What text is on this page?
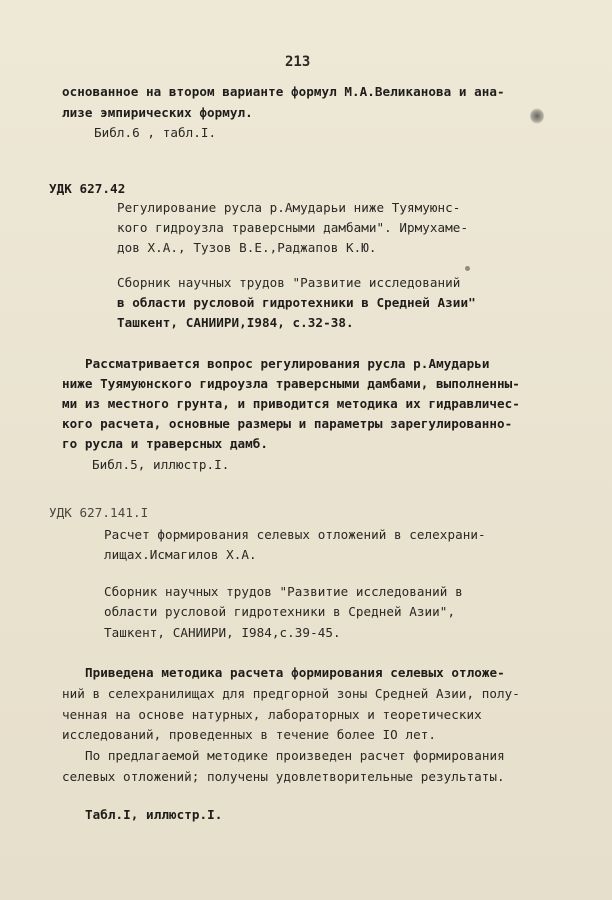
213
основанное на втором варианте формул М.А.Великанова и ана-
лизе эмпирических формул.
Библ.6 , табл.I.
УДК 627.42
Регулирование русла р.Амударьи ниже Туямуюнс-
кого гидроузла траверсными дамбами". Ирмухаме-
дов Х.А., Тузов В.Е.,Раджапов К.Ю.
Сборник научных трудов "Развитие исследований
в области русловой гидротехники в Средней Азии"
Ташкент, САНИИРИ,I984, с.32-38.
Рассматривается вопрос регулирования русла р.Амударьи
ниже Туямуюнского гидроузла траверсными дамбами, выполненны-
ми из местного грунта, и приводится методика их гидравличес-
кого расчета, основные размеры и параметры зарегулированно-
го русла и траверсных дамб.
Библ.5, иллюстр.I.
УДК 627.141.I
Расчет формирования селевых отложений в селехрани-
лищах.Исмагилов Х.А.
Сборник научных трудов "Развитие исследований в
области русловой гидротехники в Средней Азии",
Ташкент, САНИИРИ, I984,с.39-45.
Приведена методика расчета формирования селевых отложе-
ний в селехранилищах для предгорной зоны Средней Азии, полу-
ченная на основе натурных, лабораторных и теоретических
исследований, проведенных в течение более IO лет.
По предлагаемой методике произведен расчет формирования
селевых отложений; получены удовлетворительные результаты.
Табл.I, иллюстр.I.
